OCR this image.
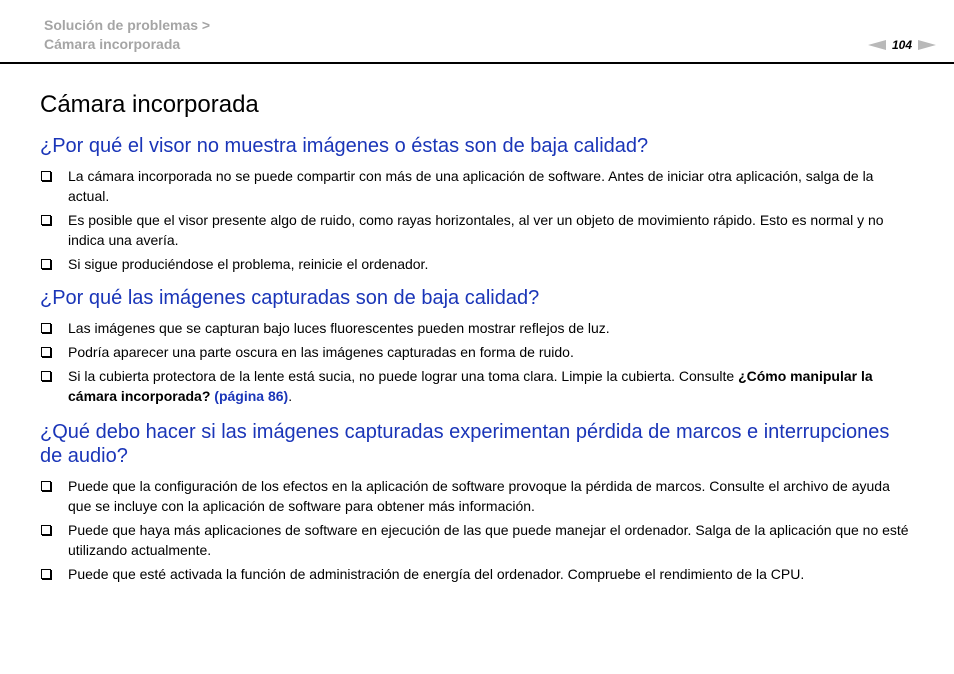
Solución de problemas >
Cámara incorporada	104
Cámara incorporada
¿Por qué el visor no muestra imágenes o éstas son de baja calidad?
La cámara incorporada no se puede compartir con más de una aplicación de software. Antes de iniciar otra aplicación, salga de la actual.
Es posible que el visor presente algo de ruido, como rayas horizontales, al ver un objeto de movimiento rápido. Esto es normal y no indica una avería.
Si sigue produciéndose el problema, reinicie el ordenador.
¿Por qué las imágenes capturadas son de baja calidad?
Las imágenes que se capturan bajo luces fluorescentes pueden mostrar reflejos de luz.
Podría aparecer una parte oscura en las imágenes capturadas en forma de ruido.
Si la cubierta protectora de la lente está sucia, no puede lograr una toma clara. Limpie la cubierta. Consulte ¿Cómo manipular la cámara incorporada? (página 86).
¿Qué debo hacer si las imágenes capturadas experimentan pérdida de marcos e interrupciones de audio?
Puede que la configuración de los efectos en la aplicación de software provoque la pérdida de marcos. Consulte el archivo de ayuda que se incluye con la aplicación de software para obtener más información.
Puede que haya más aplicaciones de software en ejecución de las que puede manejar el ordenador. Salga de la aplicación que no esté utilizando actualmente.
Puede que esté activada la función de administración de energía del ordenador. Compruebe el rendimiento de la CPU.
